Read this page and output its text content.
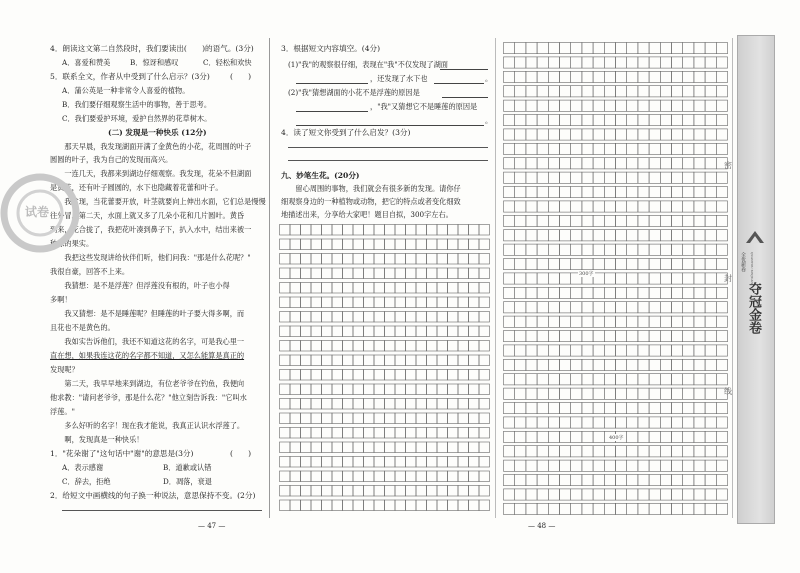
4．朗读这文第二自然段时，我们要读出(　　)的语气。(3分)
A．喜爱和赞美	B．惊讶和感叹	C．轻松和欢快
5．联系全文，作者从中受到了什么启示？(3分)	(　　)
A．蒲公英是一种非常令人喜爱的植物。
B．我们要仔细观察生活中的事物，善于思考。
C．我们要爱护环境，爱护自然界的花草树木。
(二) 发现是一种快乐 (12分)
　　那天早晨，我发现湖面开满了金黄色的小花，花周围的叶子
圆圆的叶子，我为自己的发现而高兴。
　　一连几天，我都来到湖边仔细观察。我发现，花朵不但湖面
是黄花，还有叶子圆圆的，水下也隐藏着花蕾和叶子。
　　我发现，当花蕾要开放，叶茎就要向上伸出水面，它们总是慢慢
往外冒。第二天，水面上就又多了几朵小花和几片圆叶。黄昏
到来，花合拢了，我把花叶凑到鼻子下，扒入水中，结出来被一
种绿的果实。
　　我把这些发现讲给伙伴们听，他们问我："那是什么花呢？"
我很自豪，回答不上来。
　　我猜想：是不是浮莲？但浮莲没有根的，叶子也小得
多啊！
　　我又猜想：是不是睡莲呢？但睡莲的叶子要大得多啊，而
且花也不是黄色的。
　　我如实告诉他们，我还不知道这花的名字，可是我心里一
直在想，如果我连这花的名字都不知道，又怎么能算是真正的
发现呢？
　　第二天，我早早地来到湖边，有位老爷爷在钓鱼，我便向
他求教："请问老爷爷，那是什么花？"他立刻告诉我："它叫水
浮莲。"
　　多么好听的名字！现在我才能说，我真正认识水浮莲了。
　　啊，发现真是一种快乐！
1．"花朵谢了"这句话中"谢"的意思是(3分)	(　　)
A．表示感谢	B．道歉或认错
C．辞去，拒绝	D．凋落，衰退
2．给短文中画横线的句子换一种说法，意思保持不变。(2分)
— 47 —
试卷
3．根据短文内容填空。(4分)
(1)"我"的观察很仔细，表现在"我"不仅发现了湖面
，还发现了水下也	。
(2)"我"猜想湖面的小花不是浮莲的原因是
，"我"又猜想它不是睡莲的原因是
。
4．读了短文你受到了什么启发？(3分)
九、妙笔生花。(20分)
　　留心周围的事物，我们就会有很多新的发现。请你仔
细观察身边的一种植物或动物，把它的特点或者变化细致
地描述出来，分享给大家吧！题目自拟，300字左右。
— 48 —
300字
400字
密
封
线
全优新卷	QUANYOU XINJUAN
夺冠金卷
